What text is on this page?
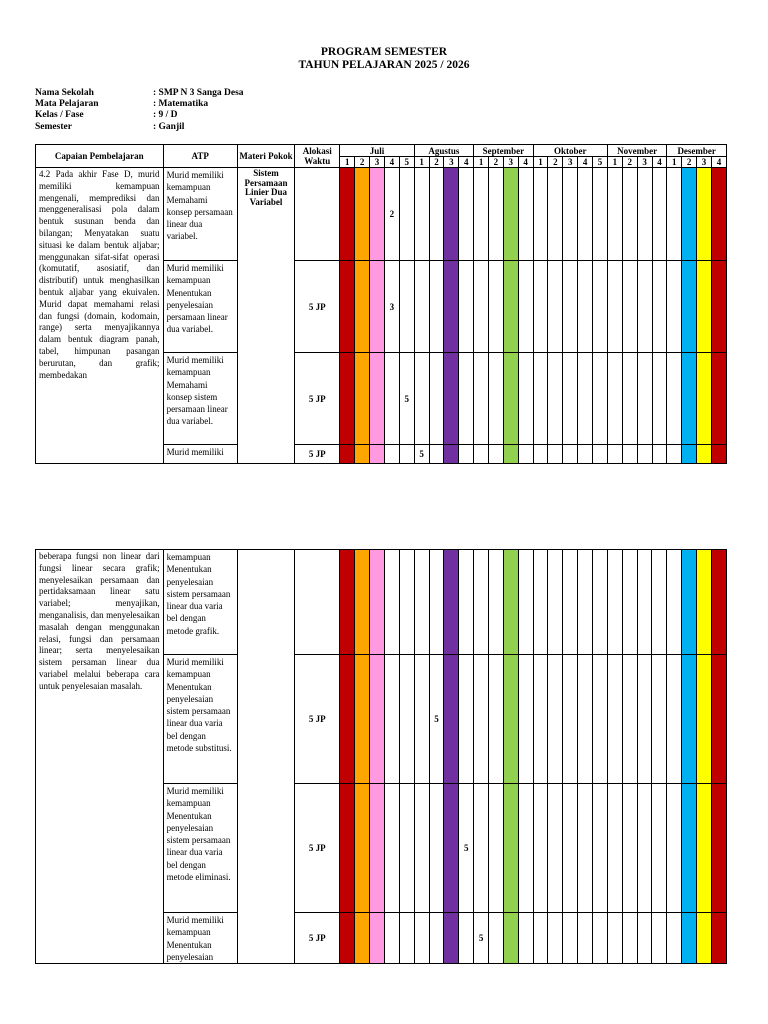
PROGRAM SEMESTER
TAHUN PELAJARAN 2025 / 2026
Nama Sekolah	: SMP N 3 Sanga Desa
Mata Pelajaran	: Matematika
Kelas / Fase	: 9 / D
Semester	: Ganjil
Capaian Pembelajaran	ATP	Materi Pokok	Alokasi Waktu	Juli					Agustus				September				Oktober					November				Desember			
				1	2	3	4	5	1	2	3	4	1	2	3	4	1	2	3	4	5	1	2	3	4	1	2	3	4
4.2 Pada akhir Fase D, murid memiliki kemampuan mengenali, memprediksi dan menggeneralisasi pola dalam bentuk susunan benda dan bilangan; Menyatakan suatu situasi ke dalam bentuk aljabar; menggunakan sifat-sifat operasi (komutatif, asosiatif, dan distributif) untuk menghasilkan bentuk aljabar yang ekuivalen. Murid dapat memahami relasi dan fungsi (domain, kodomain, range) serta menyajikannya dalam bentuk diagram panah, tabel, himpunan pasangan berurutan, dan grafik; membedakan	Murid memiliki kemampuan Memahami konsep persamaan linear dua variabel.	Sistem Persamaan Linier Dua Variabel					2																						
	Murid memiliki kemampuan Menentukan penyelesaian persamaan linear dua variabel.		5 JP				3																						
	Murid memiliki kemampuan Memahami konsep sistem persamaan linear dua variabel.		5 JP					5																					
	Murid memiliki		5 JP						5																				
beberapa fungsi non linear dari fungsi linear secara grafik; menyelesaikan persamaan dan pertidaksamaan linear satu variabel; menyajikan, menganalisis, dan menyelesaikan masalah dengan menggunakan relasi, fungsi dan persamaan linear; serta menyelesaikan sistem persaman linear dua variabel melalui beberapa cara untuk penyelesaian masalah.	kemampuan Menentukan penyelesaian sistem persamaan linear dua varia bel dengan metode grafik.																												
	Murid memiliki kemampuan Menentukan penyelesaian sistem persamaan linear dua varia bel dengan metode substitusi.		5 JP							5																			
	Murid memiliki kemampuan Menentukan penyelesaian sistem persamaan linear dua varia bel dengan metode eliminasi.		5 JP									5																	
	Murid memiliki kemampuan Menentukan penyelesaian		5 JP										5																
